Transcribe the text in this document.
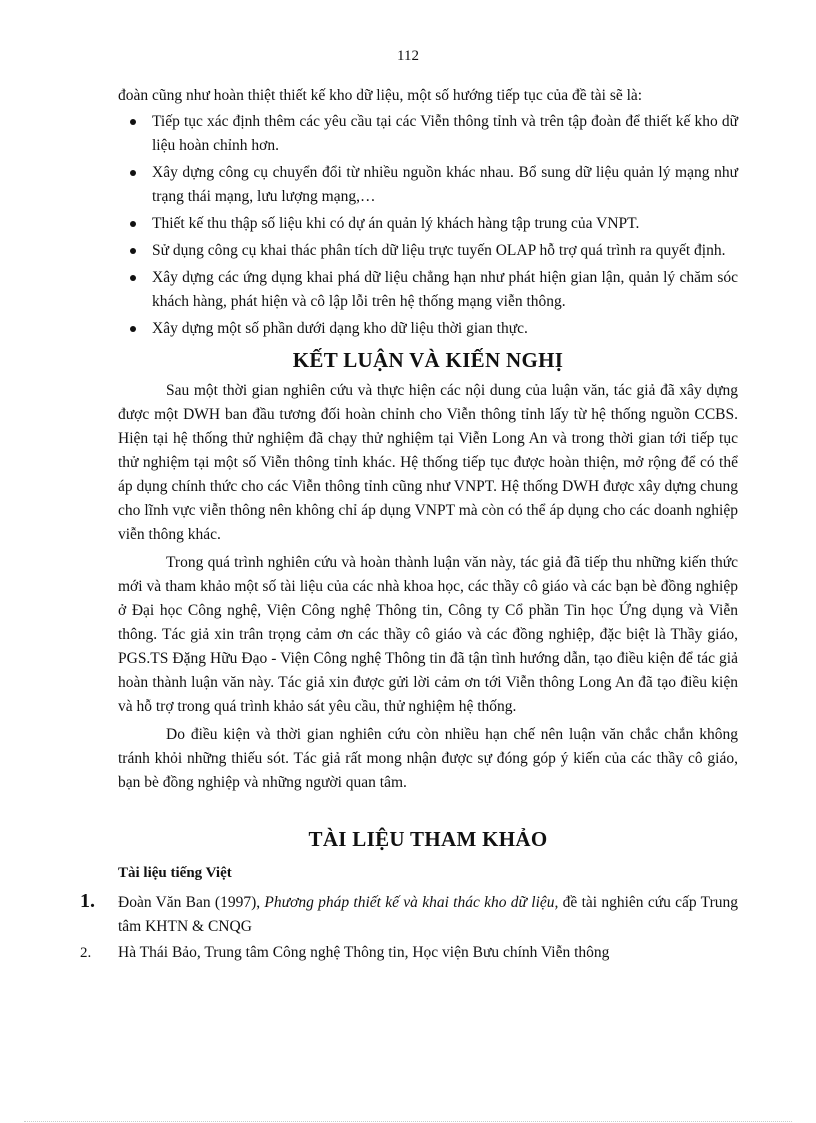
112

đoàn cũng như hoàn thiệt thiết kế kho dữ liệu, một số hướng tiếp tục của đề tài sẽ là:

Tiếp tục xác định thêm các yêu cầu tại các Viễn thông tỉnh và trên tập đoàn để thiết kế kho dữ liệu hoàn chỉnh hơn.
Xây dựng công cụ chuyển đổi từ nhiều nguồn khác nhau. Bổ sung dữ liệu quản lý mạng như trạng thái mạng, lưu lượng mạng,…
Thiết kế thu thập số liệu khi có dự án quản lý khách hàng tập trung của VNPT.
Sử dụng công cụ khai thác phân tích dữ liệu trực tuyến OLAP hỗ trợ quá trình ra quyết định.
Xây dựng các ứng dụng khai phá dữ liệu chẳng hạn như phát hiện gian lận, quản lý chăm sóc khách hàng, phát hiện và cô lập lỗi trên hệ thống mạng viễn thông.
Xây dựng một số phần dưới dạng kho dữ liệu thời gian thực.
KẾT LUẬN VÀ KIẾN NGHỊ

Sau một thời gian nghiên cứu và thực hiện các nội dung của luận văn, tác giả đã xây dựng được một DWH ban đầu tương đối hoàn chỉnh cho Viễn thông tỉnh lấy từ hệ thống nguồn CCBS. Hiện tại hệ thống thử nghiệm đã chạy thử nghiệm tại Viễn Long An và trong thời gian tới tiếp tục thử nghiệm tại một số Viễn thông tỉnh khác. Hệ thống tiếp tục được hoàn thiện, mở rộng để có thể áp dụng chính thức cho các Viễn thông tỉnh cũng như VNPT. Hệ thống DWH được xây dựng chung cho lĩnh vực viễn thông nên không chỉ áp dụng VNPT mà còn có thể áp dụng cho các doanh nghiệp viễn thông khác.

Trong quá trình nghiên cứu và hoàn thành luận văn này, tác giả đã tiếp thu những kiến thức mới và tham khảo một số tài liệu của các nhà khoa học, các thầy cô giáo và các bạn bè đồng nghiệp ở Đại học Công nghệ, Viện Công nghệ Thông tin, Công ty Cổ phần Tin học Ứng dụng và Viễn thông. Tác giả xin trân trọng cảm ơn các thầy cô giáo và các đồng nghiệp, đặc biệt là Thầy giáo, PGS.TS Đặng Hữu Đạo - Viện Công nghệ Thông tin đã tận tình hướng dẫn, tạo điều kiện để tác giả hoàn thành luận văn này. Tác giả xin được gửi lời cảm ơn tới Viễn thông Long An đã tạo điều kiện và hỗ trợ trong quá trình khảo sát yêu cầu, thử nghiệm hệ thống.

Do điều kiện và thời gian nghiên cứu còn nhiều hạn chế nên luận văn chắc chắn không tránh khỏi những thiếu sót. Tác giả rất mong nhận được sự đóng góp ý kiến của các thầy cô giáo, bạn bè đồng nghiệp và những người quan tâm.

TÀI LIỆU THAM KHẢO
Tài liệu tiếng Việt
1. Đoàn Văn Ban (1997), Phương pháp thiết kế và khai thác kho dữ liệu, đề tài nghiên cứu cấp Trung tâm KHTN & CNQG
2. Hà Thái Bảo, Trung tâm Công nghệ Thông tin, Học viện Bưu chính Viễn thông
